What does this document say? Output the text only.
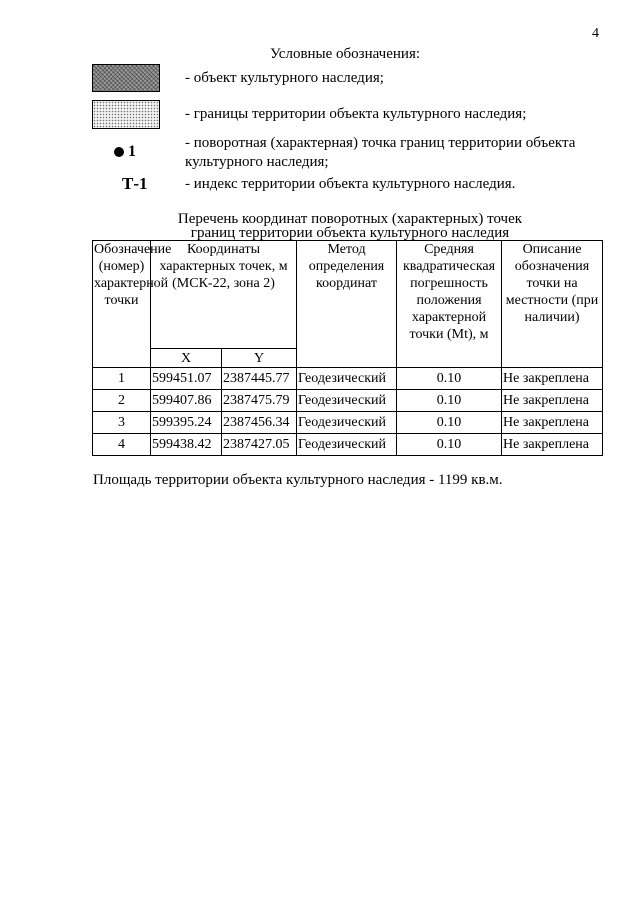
4
Условные обозначения:
- объект культурного наследия;
- границы территории объекта культурного наследия;
1	- поворотная (характерная) точка границ территории объекта культурного наследия;
Т-1	- индекс территории объекта культурного наследия.
Перечень координат поворотных (характерных) точек
границ территории объекта культурного наследия
Обозначение (номер) характерной точки	Координаты характерных точек, м (МСК-22, зона 2)		Метод определения координат	Средняя квадратическая погрешность положения характерной точки (Mt), м	Описание обозначения точки на местности (при наличии)
	X	Y			
1	599451.07	2387445.77	Геодезический	0.10	Не закреплена
2	599407.86	2387475.79	Геодезический	0.10	Не закреплена
3	599395.24	2387456.34	Геодезический	0.10	Не закреплена
4	599438.42	2387427.05	Геодезический	0.10	Не закреплена
Площадь территории объекта культурного наследия - 1199 кв.м.
